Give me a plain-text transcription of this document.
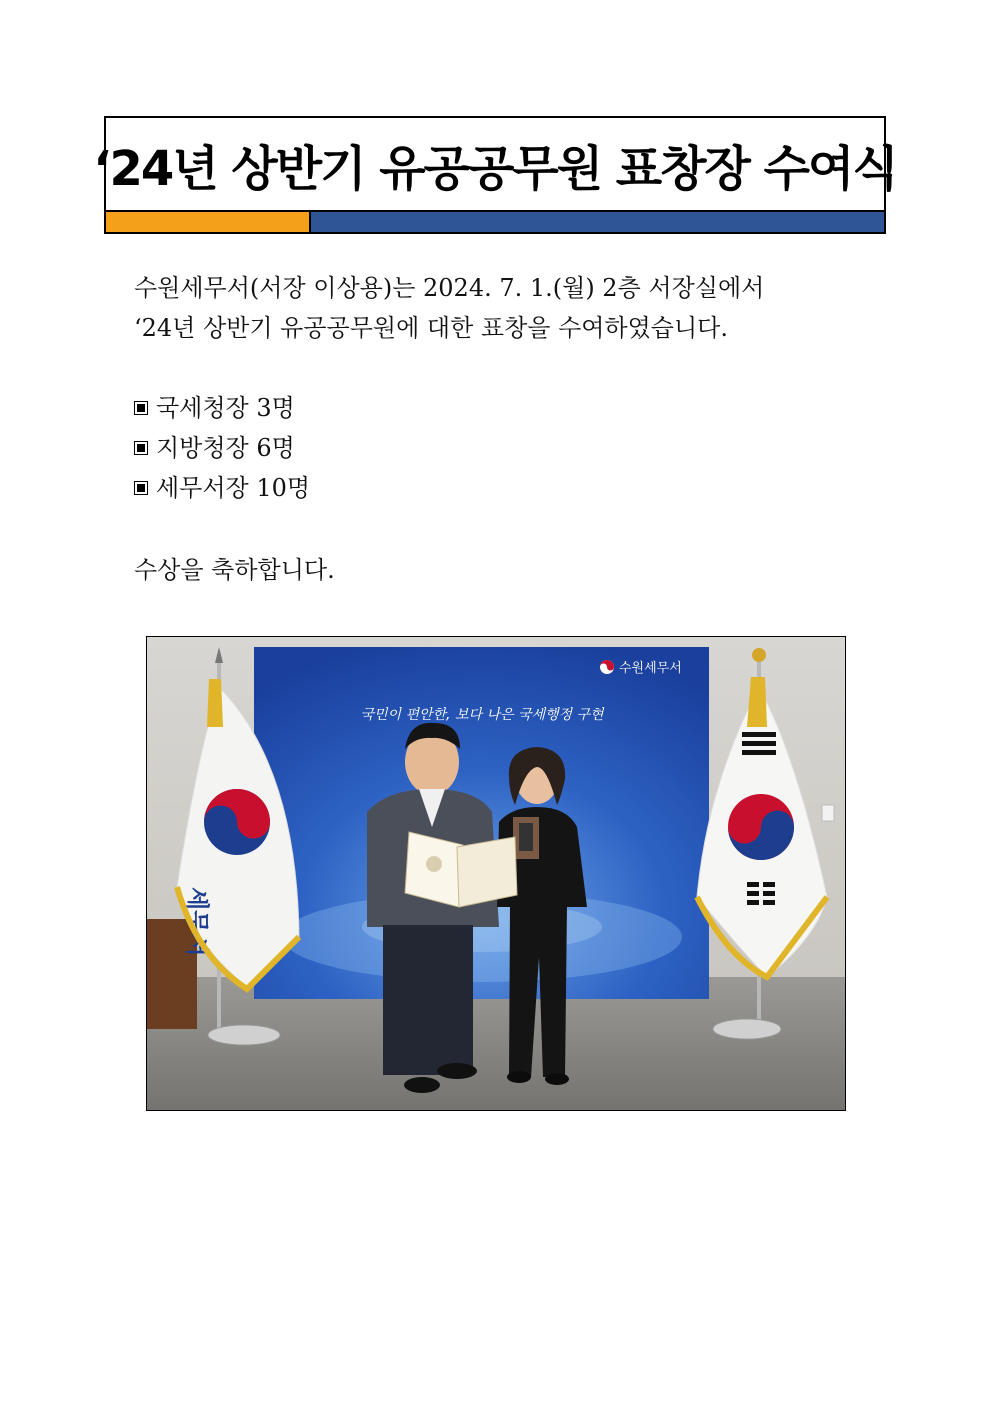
‘24년 상반기 유공공무원 표창장 수여식
수원세무서(서장 이상용)는 2024. 7. 1.(월) 2층 서장실에서
‘24년 상반기 유공공무원에 대한 표창을 수여하였습니다.
국세청장 3명
지방청장 6명
세무서장 10명
수상을 축하합니다.
수원세무서
국민이 편안한, 보다 나은 국세행정 구현
세무서
